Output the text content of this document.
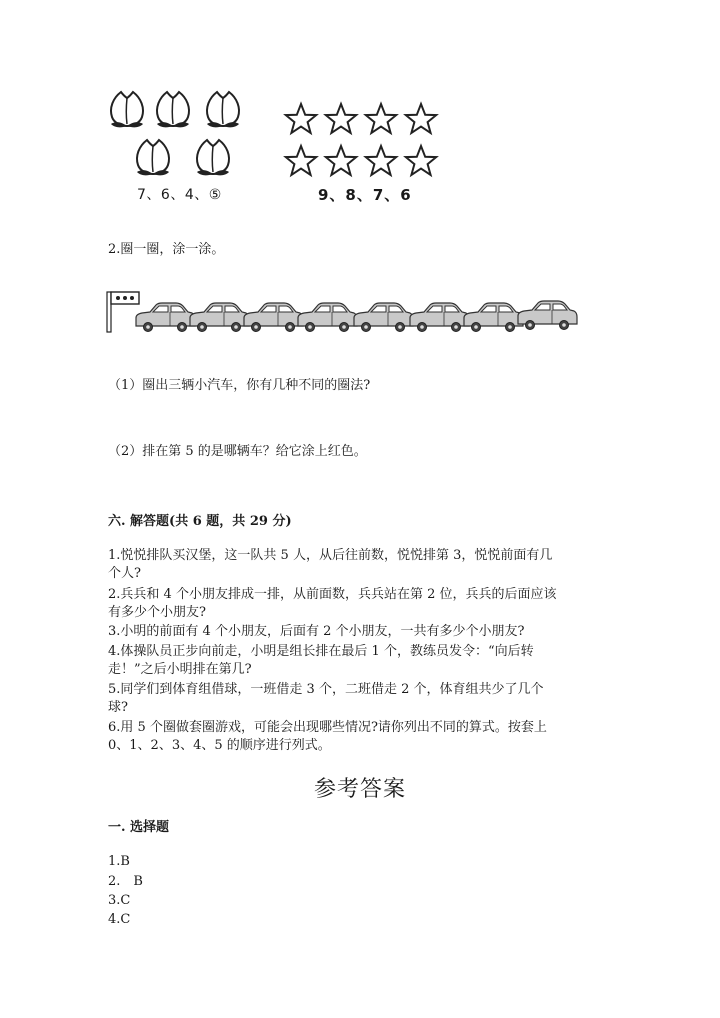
7、6、4、⑤	9、8、7、6
2.圈一圈，涂一涂。
（1）圈出三辆小汽车，你有几种不同的圈法?
（2）排在第 5 的是哪辆车？给它涂上红色。
六. 解答题(共 6 题，共 29 分)
1.悦悦排队买汉堡，这一队共 5 人，从后往前数，悦悦排第 3，悦悦前面有几
个人?
2.兵兵和 4 个小朋友排成一排，从前面数，兵兵站在第 2 位，兵兵的后面应该
有多少个小朋友?
3.小明的前面有 4 个小朋友，后面有 2 个小朋友，一共有多少个小朋友?
4.体操队员正步向前走，小明是组长排在最后 1 个，教练员发令：“向后转
走！”之后小明排在第几?
5.同学们到体育组借球，一班借走 3 个，二班借走 2 个，体育组共少了几个
球?
6.用 5 个圈做套圈游戏，可能会出现哪些情况?请你列出不同的算式。按套上
0、1、2、3、4、5 的顺序进行列式。
参考答案
一. 选择题
1.B
2.　B
3.C
4.C
